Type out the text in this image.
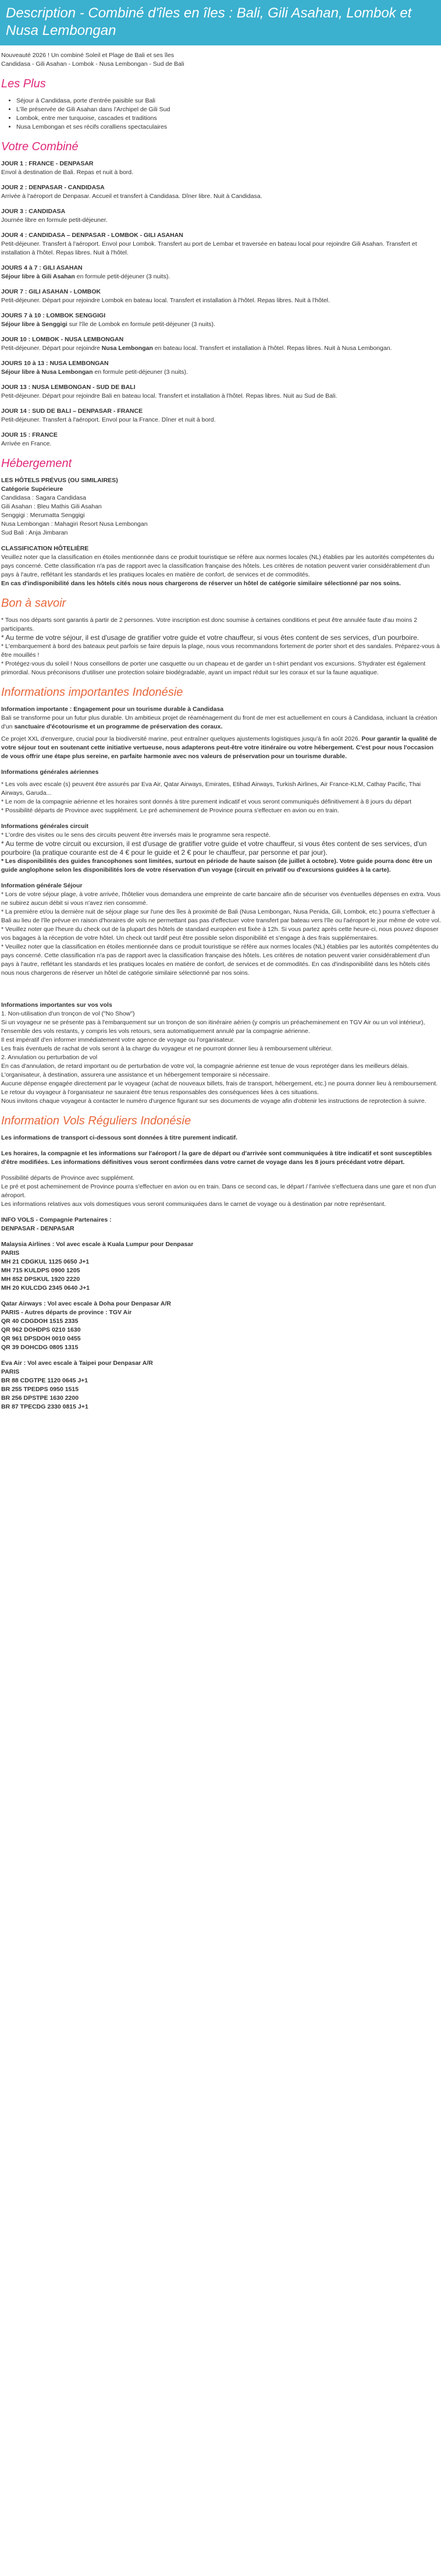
Description - Combiné d'îles en îles : Bali, Gili Asahan, Lombok et Nusa Lembongan

Nouveauté 2026 ! Un combiné Soleil et Plage de Bali et ses îles

Candidasa - Gili Asahan - Lombok - Nusa Lembongan - Sud de Bali

Les Plus
• Séjour à Candidasa, porte d'entrée paisible sur Bali
• L'île préservée de Gili Asahan dans l'Archipel de Gili Sud
• Lombok, entre mer turquoise, cascades et traditions
• Nusa Lembongan et ses récifs coralliens spectaculaires
Votre Combiné
JOUR 1 : FRANCE - DENPASAR
Envol à destination de Bali. Repas et nuit à bord.
JOUR 2 : DENPASAR - CANDIDASA
Arrivée à l'aéroport de Denpasar. Accueil et transfert à Candidasa. Dîner libre. Nuit à Candidasa.
JOUR 3 : CANDIDASA
Journée libre en formule petit-déjeuner.
JOUR 4 : CANDIDASA – DENPASAR - LOMBOK - GILI ASAHAN
Petit-déjeuner. Transfert à l'aéroport. Envol pour Lombok. Transfert au port de Lembar et traversée en bateau local pour rejoindre Gili Asahan. Transfert et installation à l'hôtel. Repas libres. Nuit à l'hôtel.
JOURS 4 à 7 : GILI ASAHAN
Séjour libre à Gili Asahan en formule petit-déjeuner (3 nuits).
JOUR 7 : GILI ASAHAN - LOMBOK
Petit-déjeuner. Départ pour rejoindre Lombok en bateau local. Transfert et installation à l'hôtel. Repas libres. Nuit à l'hôtel.
JOURS 7 à 10 : LOMBOK SENGGIGI
Séjour libre à Senggigi sur l'île de Lombok en formule petit-déjeuner (3 nuits).
JOUR 10 : LOMBOK - NUSA LEMBONGAN
Petit-déjeuner. Départ pour rejoindre Nusa Lembongan en bateau local. Transfert et installation à l'hôtel. Repas libres. Nuit à Nusa Lembongan.
JOURS 10 à 13 : NUSA LEMBONGAN
Séjour libre à Nusa Lembongan en formule petit-déjeuner (3 nuits).
JOUR 13 : NUSA LEMBONGAN - SUD DE BALI
Petit-déjeuner. Départ pour rejoindre Bali en bateau local. Transfert et installation à l'hôtel. Repas libres. Nuit au Sud de Bali.
JOUR 14 : SUD DE BALI – DENPASAR - FRANCE
Petit-déjeuner. Transfert à l'aéroport. Envol pour la France. Dîner et nuit à bord.
JOUR 15 : FRANCE
Arrivée en France.
Hébergement

LES HÔTELS PRÉVUS (OU SIMILAIRES)

Catégorie Supérieure

Candidasa : Sagara Candidasa

Gili Asahan : Bleu Mathis Gili Asahan

Senggigi : Merumatta Senggigi

Nusa Lembongan : Mahagiri Resort Nusa Lembongan

Sud Bali : Anja Jimbaran

CLASSIFICATION HÔTELIÈRE

Veuillez noter que la classification en étoiles mentionnée dans ce produit touristique se réfère aux normes locales (NL) établies par les autorités compétentes du pays concerné. Cette classification n'a pas de rapport avec la classification française des hôtels. Les critères de notation peuvent varier considérablement d'un pays à l'autre, reflétant les standards et les pratiques locales en matière de confort, de services et de commodités.

En cas d'indisponibilité dans les hôtels cités nous nous chargerons de réserver un hôtel de catégorie similaire sélectionné par nos soins.

Bon à savoir

* Tous nos départs sont garantis à partir de 2 personnes. Votre inscription est donc soumise à certaines conditions et peut être annulée faute d'au moins 2 participants.

* Au terme de votre séjour, il est d'usage de gratifier votre guide et votre chauffeur, si vous êtes content de ses services, d'un pourboire.

* L'embarquement à bord des bateaux peut parfois se faire depuis la plage, nous vous recommandons fortement de porter short et des sandales. Préparez-vous à être mouillés !

* Protégez-vous du soleil ! Nous conseillons de porter une casquette ou un chapeau et de garder un t-shirt pendant vos excursions. S'hydrater est également primordial. Nous préconisons d'utiliser une protection solaire biodégradable, ayant un impact réduit sur les coraux et sur la faune aquatique.

Informations importantes Indonésie

Information importante : Engagement pour un tourisme durable à Candidasa

Bali se transforme pour un futur plus durable. Un ambitieux projet de réaménagement du front de mer est actuellement en cours à Candidasa, incluant la création d'un sanctuaire d'écotourisme et un programme de préservation des coraux.

Ce projet XXL d'envergure, crucial pour la biodiversité marine, peut entraîner quelques ajustements logistiques jusqu'à fin août 2026. Pour garantir la qualité de votre séjour tout en soutenant cette initiative vertueuse, nous adapterons peut-être votre itinéraire ou votre hébergement. C'est pour nous l'occasion de vous offrir une étape plus sereine, en parfaite harmonie avec nos valeurs de préservation pour un tourisme durable.

Informations générales aériennes

* Les vols avec escale (s) peuvent être assurés par Eva Air, Qatar Airways, Emirates, Etihad Airways, Turkish Airlines, Air France-KLM, Cathay Pacific, Thai Airways, Garuda...

* Le nom de la compagnie aérienne et les horaires sont donnés à titre purement indicatif et vous seront communiqués définitivement à 8 jours du départ

* Possibilité départs de Province avec supplément. Le pré acheminement de Province pourra s'effectuer en avion ou en train.

Informations générales circuit

* L'ordre des visites ou le sens des circuits peuvent être inversés mais le programme sera respecté.

* Au terme de votre circuit ou excursion, il est d'usage de gratifier votre guide et votre chauffeur, si vous êtes content de ses services, d'un pourboire (la pratique courante est de 4 € pour le guide et 2 € pour le chauffeur, par personne et par jour).

* Les disponibilités des guides francophones sont limitées, surtout en période de haute saison (de juillet à octobre). Votre guide pourra donc être un guide anglophone selon les disponibilités lors de votre réservation d'un voyage (circuit en privatif ou d'excursions guidées à la carte).

Information générale Séjour

* Lors de votre séjour plage, à votre arrivée, l'hôtelier vous demandera une empreinte de carte bancaire afin de sécuriser vos éventuelles dépenses en extra. Vous ne subirez aucun débit si vous n'avez rien consommé.

* La première et/ou la dernière nuit de séjour plage sur l'une des îles à proximité de Bali (Nusa Lembongan, Nusa Penida, Gili, Lombok, etc.) pourra s'effectuer à Bali au lieu de l'île prévue en raison d'horaires de vols ne permettant pas pas d'effectuer votre transfert par bateau vers l'île ou l'aéroport le jour même de votre vol.

* Veuillez noter que l'heure du check out de la plupart des hôtels de standard européen est fixée à 12h. Si vous partez après cette heure-ci, nous pouvez disposer vos bagages à la réception de votre hôtel. Un check out tardif peut être possible selon disponibilité et s'engage à des frais supplémentaires.

* Veuillez noter que la classification en étoiles mentionnée dans ce produit touristique se réfère aux normes locales (NL) établies par les autorités compétentes du pays concerné. Cette classification n'a pas de rapport avec la classification française des hôtels. Les critères de notation peuvent varier considérablement d'un pays à l'autre, reflétant les standards et les pratiques locales en matière de confort, de services et de commodités. En cas d'indisponibilité dans les hôtels cités nous nous chargerons de réserver un hôtel de catégorie similaire sélectionné par nos soins.

Informations importantes sur vos vols

1. Non-utilisation d'un tronçon de vol ("No Show")

Si un voyageur ne se présente pas à l'embarquement sur un tronçon de son itinéraire aérien (y compris un préacheminement en TGV Air ou un vol intérieur), l'ensemble des vols restants, y compris les vols retours, sera automatiquement annulé par la compagnie aérienne.

Il est impératif d'en informer immédiatement votre agence de voyage ou l'organisateur.

Les frais éventuels de rachat de vols seront à la charge du voyageur et ne pourront donner lieu à remboursement ultérieur.

2. Annulation ou perturbation de vol

En cas d'annulation, de retard important ou de perturbation de votre vol, la compagnie aérienne est tenue de vous reprotéger dans les meilleurs délais.

L'organisateur, à destination, assurera une assistance et un hébergement temporaire si nécessaire.

Aucune dépense engagée directement par le voyageur (achat de nouveaux billets, frais de transport, hébergement, etc.) ne pourra donner lieu à remboursement.

Le retour du voyageur à l'organisateur ne sauraient être tenus responsables des conséquences liées à ces situations.

Nous invitons chaque voyageur à contacter le numéro d'urgence figurant sur ses documents de voyage afin d'obtenir les instructions de reprotection à suivre.

Information Vols Réguliers Indonésie

Les informations de transport ci-dessous sont données à titre purement indicatif.

Les horaires, la compagnie et les informations sur l'aéroport / la gare de départ ou d'arrivée sont communiquées à titre indicatif et sont susceptibles d'être modifiées. Les informations définitives vous seront confirmées dans votre carnet de voyage dans les 8 jours précédant votre départ.

Possibilité départs de Province avec supplément.

Le pré et post acheminement de Province pourra s'effectuer en avion ou en train. Dans ce second cas, le départ / l'arrivée s'effectuera dans une gare et non d'un aéroport.

Les informations relatives aux vols domestiques vous seront communiquées dans le carnet de voyage ou à destination par notre représentant.

INFO VOLS - Compagnie Partenaires :

DENPASAR - DENPASAR

Malaysia Airlines : Vol avec escale à Kuala Lumpur pour Denpasar

PARIS

MH 21 CDGKUL 1125 0650 J+1

MH 715 KULDPS 0900 1205

MH 852 DPSKUL 1920 2220

MH 20 KULCDG 2345 0640 J+1

Qatar Airways : Vol avec escale à Doha pour Denpasar A/R

PARIS - Autres départs de province : TGV Air

QR 40 CDGDOH 1515 2335

QR 962 DOHDPS 0210 1630

QR 961 DPSDOH 0010 0455

QR 39 DOHCDG 0805 1315

Eva Air : Vol avec escale à Taipei pour Denpasar A/R

PARIS

BR 88 CDGTPE 1120 0645 J+1

BR 255 TPEDPS 0950 1515

BR 256 DPSTPE 1630 2200

BR 87 TPECDG 2330 0815 J+1
